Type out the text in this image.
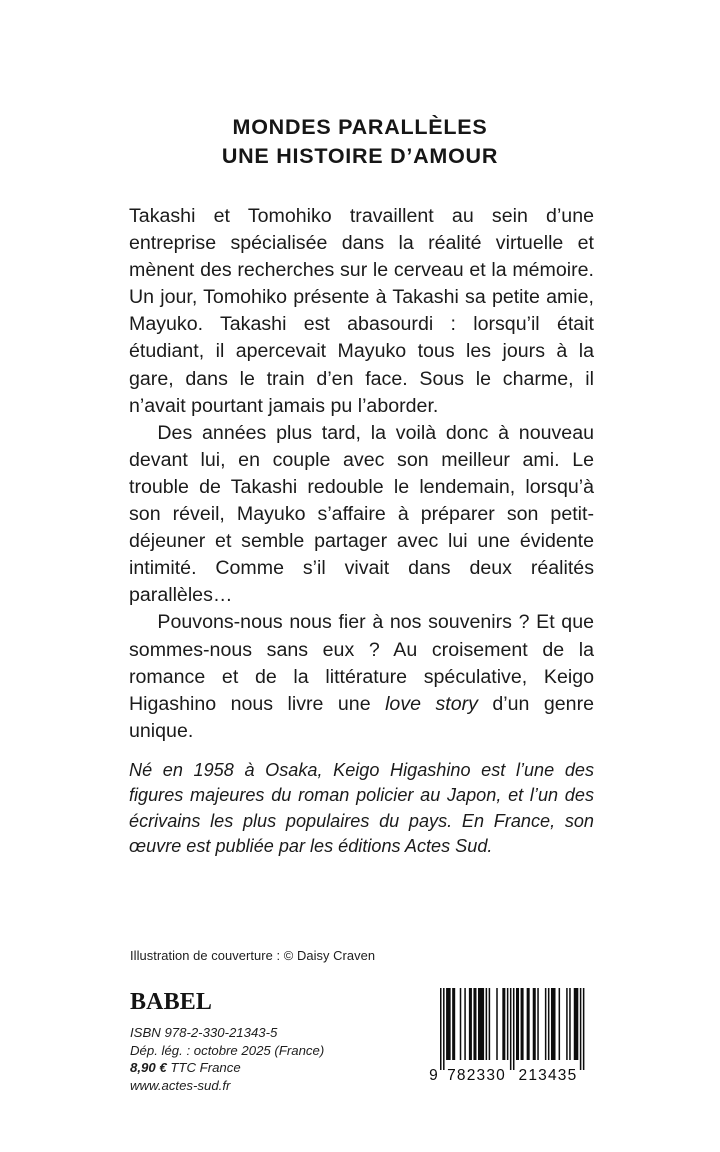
MONDES PARALLÈLES
UNE HISTOIRE D’AMOUR

Takashi et Tomohiko travaillent au sein d’une entreprise spécialisée dans la réalité virtuelle et mènent des recherches sur le cerveau et la mémoire. Un jour, Tomohiko présente à Takashi sa petite amie, Mayuko. Takashi est abasourdi : lorsqu’il était étudiant, il apercevait Mayuko tous les jours à la gare, dans le train d’en face. Sous le charme, il n’avait pourtant jamais pu l’aborder.

Des années plus tard, la voilà donc à nouveau devant lui, en couple avec son meilleur ami. Le trouble de Takashi redouble le lendemain, lorsqu’à son réveil, Mayuko s’affaire à préparer son petit-déjeuner et semble partager avec lui une évidente intimité. Comme s’il vivait dans deux réalités parallèles…

Pouvons-nous nous fier à nos souvenirs ? Et que sommes-nous sans eux ? Au croisement de la romance et de la littérature spéculative, Keigo Higashino nous livre une love story d’un genre unique.

Né en 1958 à Osaka, Keigo Higashino est l’une des figures majeures du roman policier au Japon, et l’un des écrivains les plus populaires du pays. En France, son œuvre est publiée par les éditions Actes Sud.

Illustration de couverture : © Daisy Craven
BABEL
ISBN 978-2-330-21343-5
Dép. lég. : octobre 2025 (France)
8,90 € TTC France
www.actes-sud.fr
9 782330 213435
